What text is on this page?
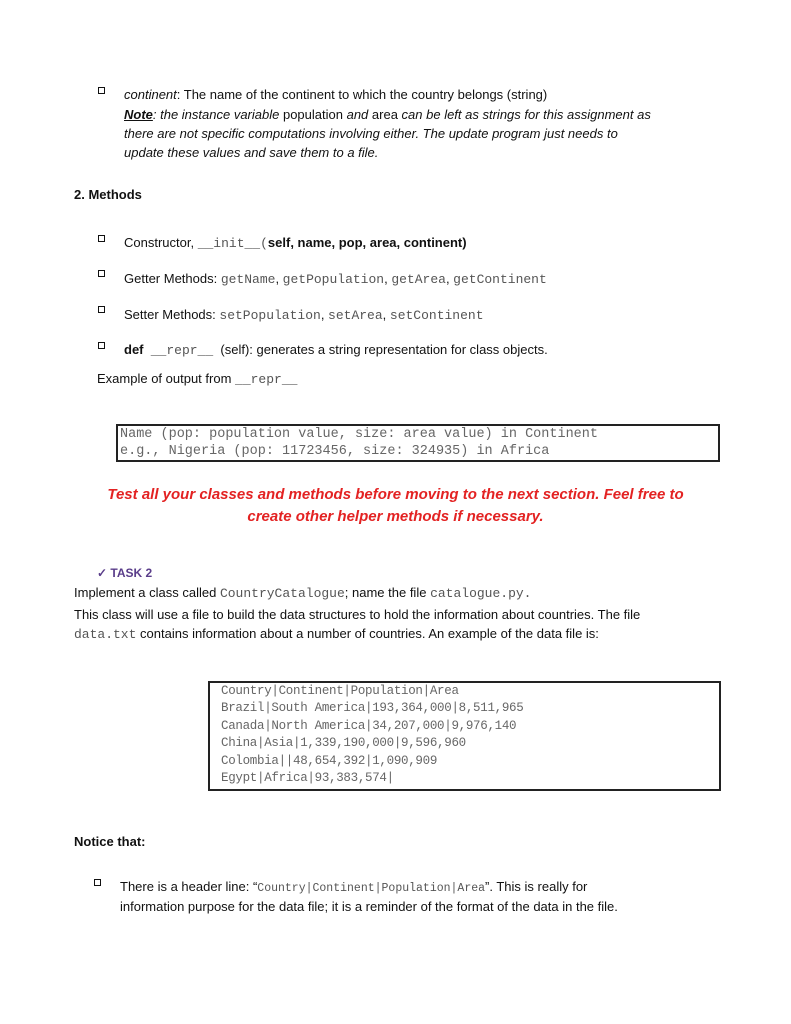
continent: The name of the continent to which the country belongs (string)
Note: the instance variable population and area can be left as strings for this assignment as
there are not specific computations involving either. The update program just needs to
update these values and save them to a file.
2. Methods
Constructor, __init__(self, name, pop, area, continent)
Getter Methods: getName, getPopulation, getArea, getContinent
Setter Methods: setPopulation, setArea, setContinent
def __repr__ (self): generates a string representation for class objects.
Example of output from __repr__
Name (pop: population value, size: area value) in Continent
e.g., Nigeria (pop: 11723456, size: 324935) in Africa
Test all your classes and methods before moving to the next section. Feel free to
create other helper methods if necessary.
✓ TASK 2
Implement a class called CountryCatalogue; name the file catalogue.py.
This class will use a file to build the data structures to hold the information about countries. The file
data.txt contains information about a number of countries. An example of the data file is:
Country|Continent|Population|Area
Brazil|South America|193,364,000|8,511,965
Canada|North America|34,207,000|9,976,140
China|Asia|1,339,190,000|9,596,960
Colombia||48,654,392|1,090,909
Egypt|Africa|93,383,574|
Notice that:
There is a header line: “Country|Continent|Population|Area”. This is really for
information purpose for the data file; it is a reminder of the format of the data in the file.
